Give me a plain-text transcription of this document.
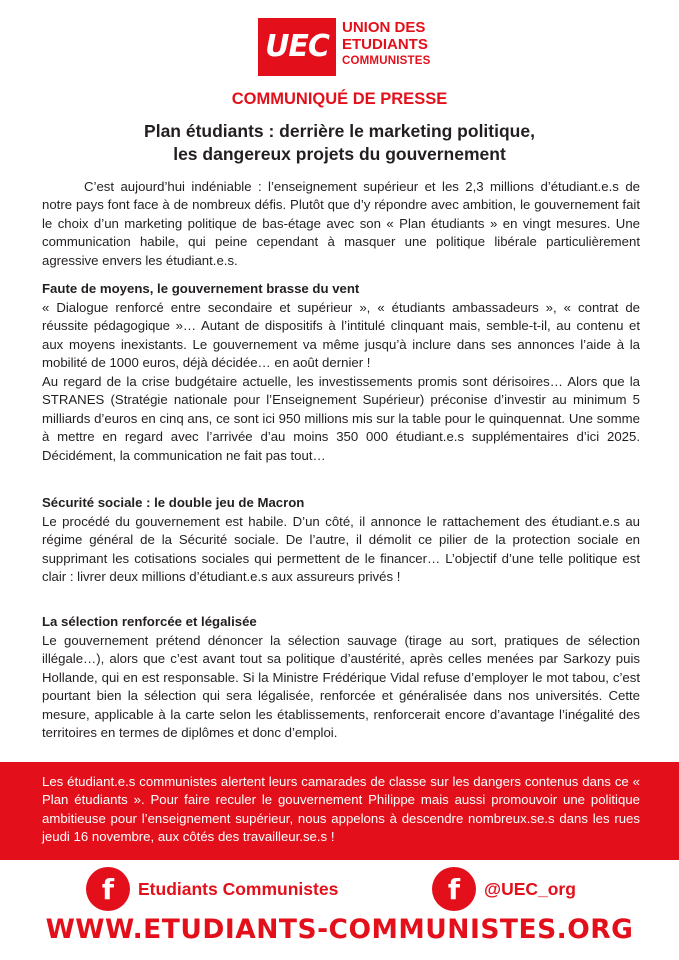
UEC
UNION DES
ETUDIANTS
COMMUNISTES
COMMUNIQUÉ DE PRESSE
Plan étudiants : derrière le marketing politique,
les dangereux projets du gouvernement

C’est aujourd’hui indéniable : l’enseignement supérieur et les 2,3 millions d’étudiant.e.s de notre pays font face à de nombreux défis. Plutôt que d’y répondre avec ambition, le gouvernement fait le choix d’un marketing politique de bas-étage avec son « Plan étudiants » en vingt mesures. Une communication habile, qui peine cependant à masquer une politique libérale particulièrement agressive envers les étudiant.e.s.

Faute de moyens, le gouvernement brasse du vent

« Dialogue renforcé entre secondaire et supérieur », « étudiants ambassadeurs », « contrat de réussite pédagogique »… Autant de dispositifs à l’intitulé clinquant mais, semble-t-il, au contenu et aux moyens inexistants. Le gouvernement va même jusqu’à inclure dans ses annonces l’aide à la mobilité de 1000 euros, déjà décidée… en août dernier !

Au regard de la crise budgétaire actuelle, les investissements promis sont dérisoires… Alors que la STRANES (Stratégie nationale pour l’Enseignement Supérieur) préconise d’investir au minimum 5 milliards d’euros en cinq ans, ce sont ici 950 millions mis sur la table pour le quinquennat. Une somme à mettre en regard avec l’arrivée d’au moins 350 000 étudiant.e.s supplémentaires d’ici 2025. Décidément, la communication ne fait pas tout…

Sécurité sociale : le double jeu de Macron

Le procédé du gouvernement est habile. D’un côté, il annonce le rattachement des étudiant.e.s au régime général de la Sécurité sociale. De l’autre, il démolit ce pilier de la protection sociale en supprimant les cotisations sociales qui permettent de le financer… L’objectif d’une telle politique est clair : livrer deux millions d’étudiant.e.s aux assureurs privés !

La sélection renforcée et légalisée

Le gouvernement prétend dénoncer la sélection sauvage (tirage au sort, pratiques de sélection illégale…), alors que c’est avant tout sa politique d’austérité, après celles menées par Sarkozy puis Hollande, qui en est responsable. Si la Ministre Frédérique Vidal refuse d’employer le mot tabou, c’est pourtant bien la sélection qui sera légalisée, renforcée et généralisée dans nos universités. Cette mesure, applicable à la carte selon les établissements, renforcerait encore d’avantage l’inégalité des territoires en termes de diplômes et donc d’emploi.

Les étudiant.e.s communistes alertent leurs camarades de classe sur les dangers contenus dans ce « Plan étudiants ». Pour faire reculer le gouvernement Philippe mais aussi promouvoir une politique ambitieuse pour l’enseignement supérieur, nous appelons à descendre nombreux.se.s dans les rues jeudi 16 novembre, aux côtés des travailleur.se.s !

f	Etudiants Communistes	f	@UEC_org
WWW.ETUDIANTS-COMMUNISTES.ORG
